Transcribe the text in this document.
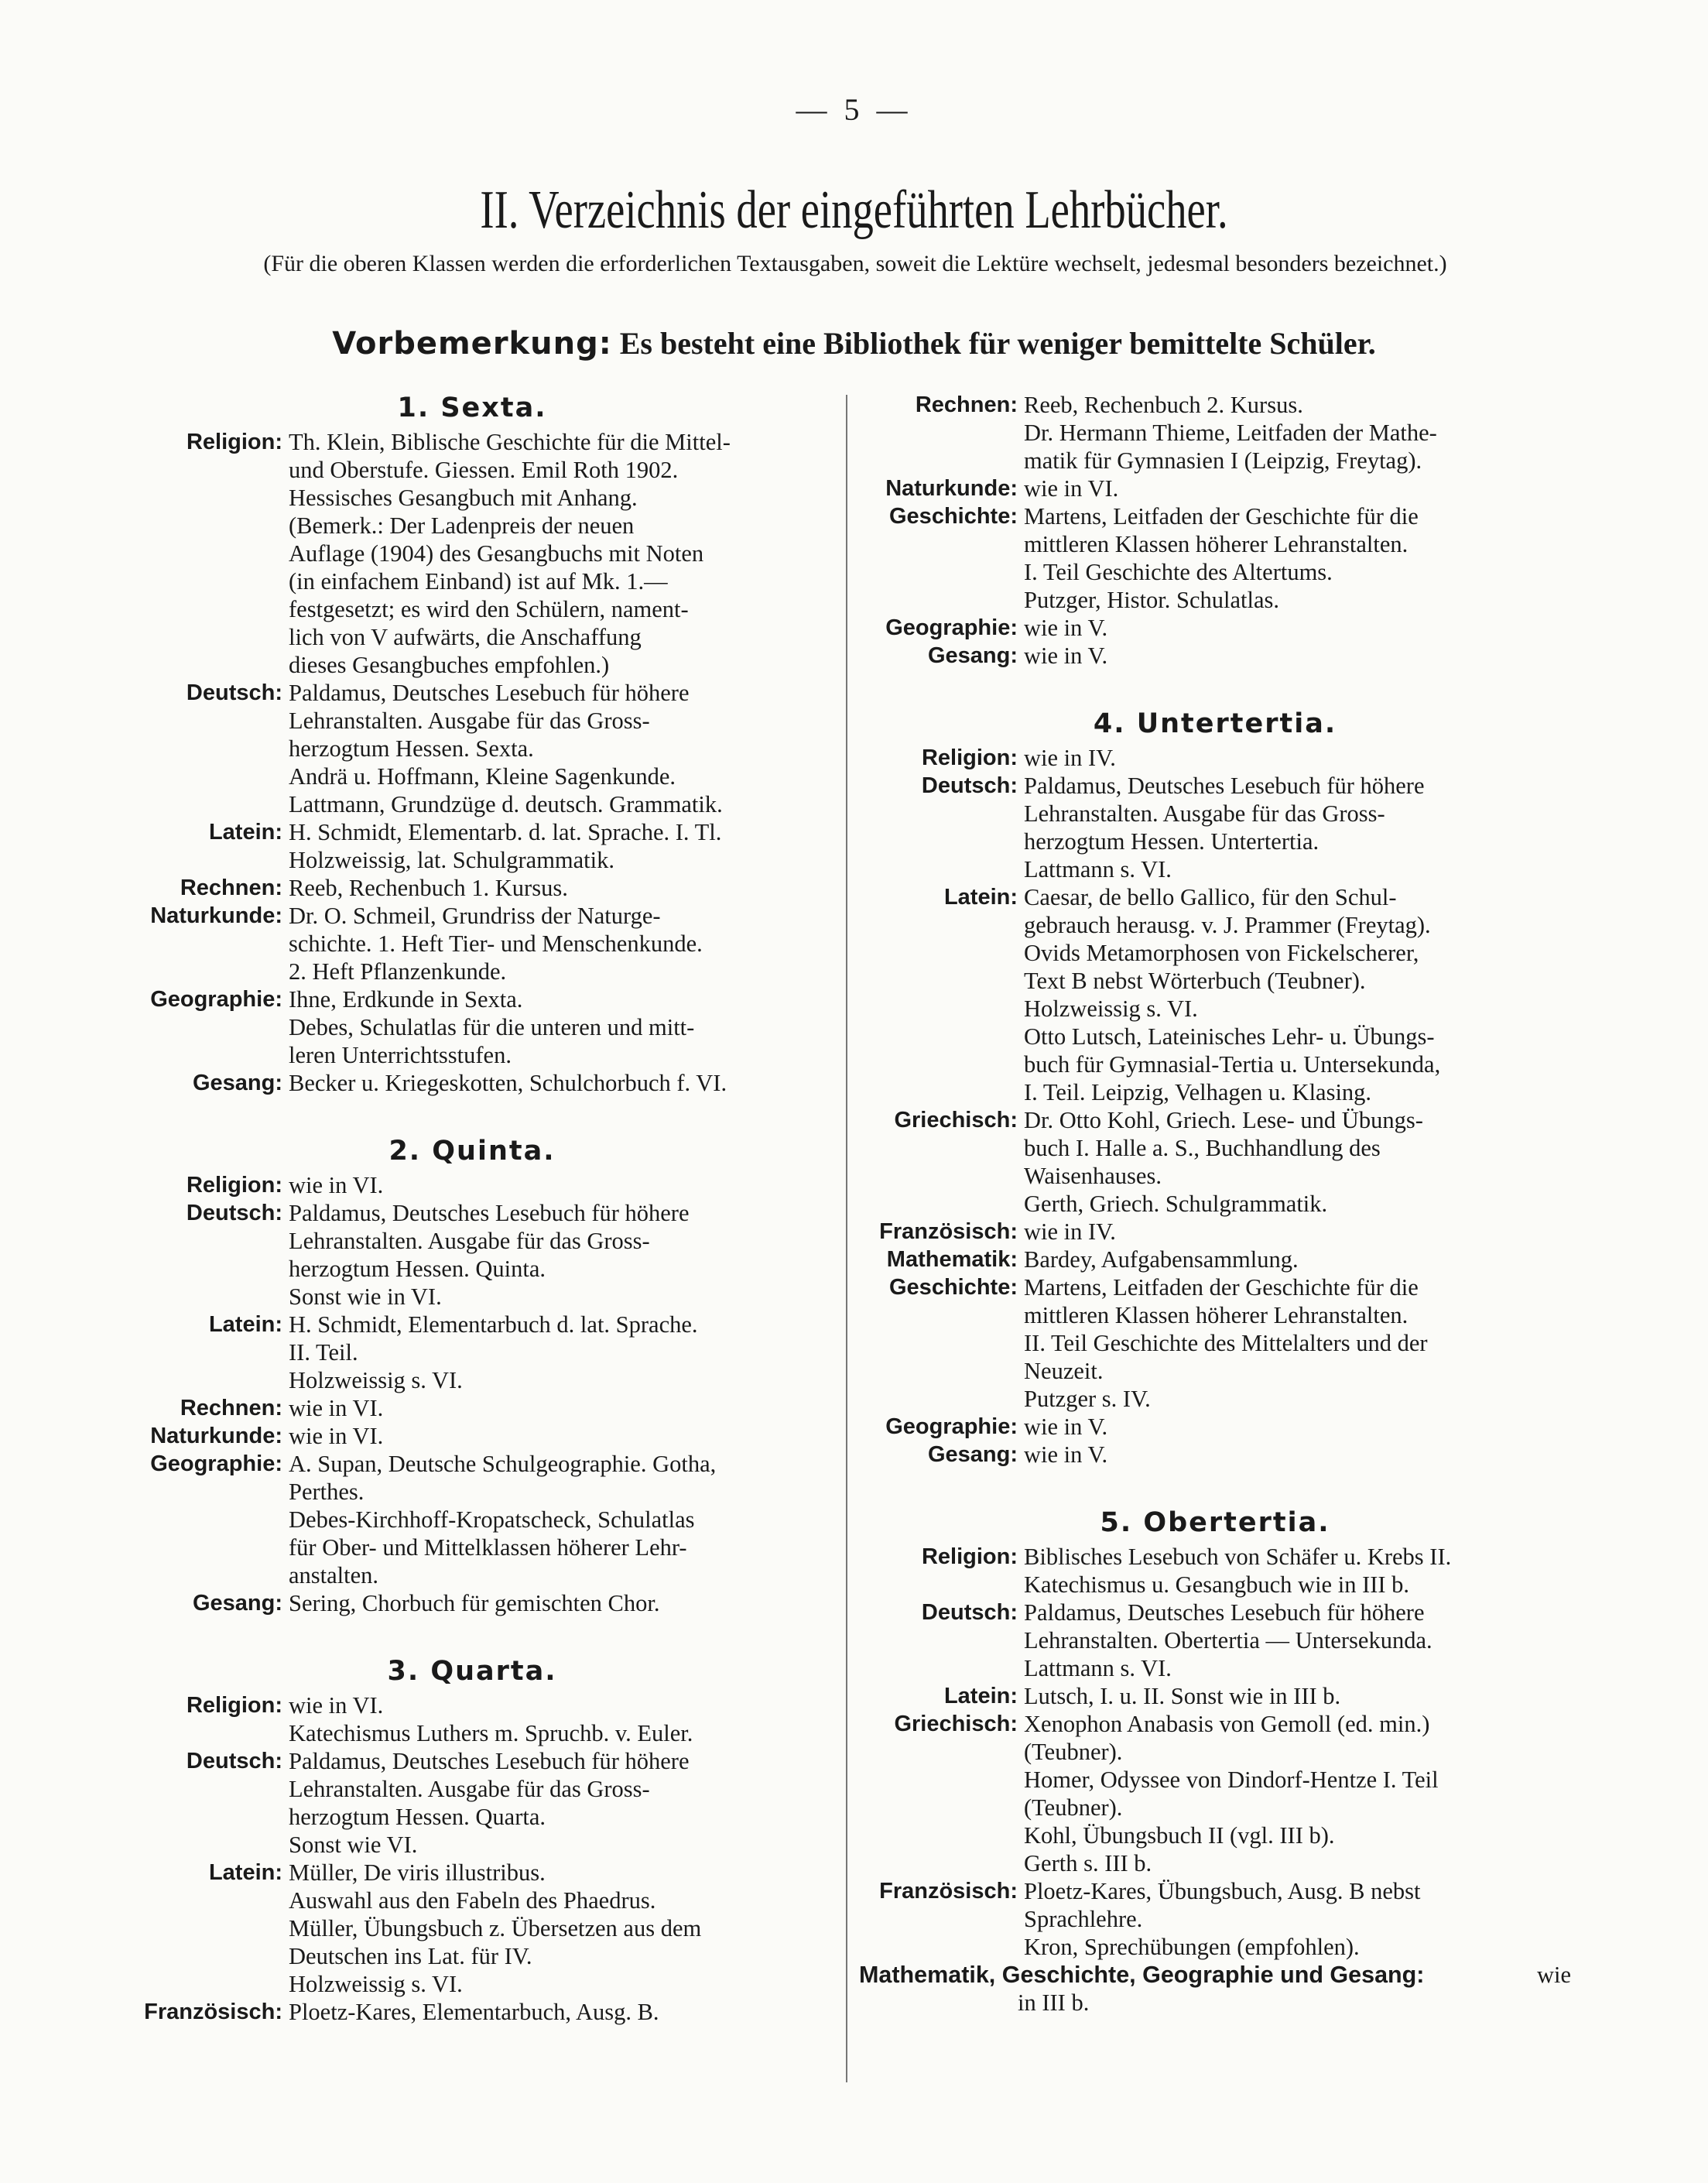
— 5 —
II. Verzeichnis der eingeführten Lehrbücher.
(Für die oberen Klassen werden die erforderlichen Textausgaben, soweit die Lektüre wechselt, jedesmal besonders bezeichnet.)
Vorbemerkung: Es besteht eine Bibliothek für weniger bemittelte Schüler.
1. Sexta.
Religion: Th. Klein, Biblische Geschichte für die Mittel-
und Oberstufe. Giessen. Emil Roth 1902.
Hessisches Gesangbuch mit Anhang.
(Bemerk.: Der Ladenpreis der neuen
Auflage (1904) des Gesangbuchs mit Noten
(in einfachem Einband) ist auf Mk. 1.—
festgesetzt; es wird den Schülern, nament-
lich von V aufwärts, die Anschaffung
dieses Gesangbuches empfohlen.)
Deutsch: Paldamus, Deutsches Lesebuch für höhere
Lehranstalten. Ausgabe für das Gross-
herzogtum Hessen. Sexta.
Andrä u. Hoffmann, Kleine Sagenkunde.
Lattmann, Grundzüge d. deutsch. Grammatik.
Latein: H. Schmidt, Elementarb. d. lat. Sprache. I. Tl.
Holzweissig, lat. Schulgrammatik.
Rechnen: Reeb, Rechenbuch 1. Kursus.
Naturkunde: Dr. O. Schmeil, Grundriss der Naturge-
schichte. 1. Heft Tier- und Menschenkunde.
2. Heft Pflanzenkunde.
Geographie: Ihne, Erdkunde in Sexta.
Debes, Schulatlas für die unteren und mitt-
leren Unterrichtsstufen.
Gesang: Becker u. Kriegeskotten, Schulchorbuch f. VI.
2. Quinta.
Religion: wie in VI.
Deutsch: Paldamus, Deutsches Lesebuch für höhere
Lehranstalten. Ausgabe für das Gross-
herzogtum Hessen. Quinta.
Sonst wie in VI.
Latein: H. Schmidt, Elementarbuch d. lat. Sprache.
II. Teil.
Holzweissig s. VI.
Rechnen: wie in VI.
Naturkunde: wie in VI.
Geographie: A. Supan, Deutsche Schulgeographie. Gotha,
Perthes.
Debes-Kirchhoff-Kropatscheck, Schulatlas
für Ober- und Mittelklassen höherer Lehr-
anstalten.
Gesang: Sering, Chorbuch für gemischten Chor.
3. Quarta.
Religion: wie in VI.
Katechismus Luthers m. Spruchb. v. Euler.
Deutsch: Paldamus, Deutsches Lesebuch für höhere
Lehranstalten. Ausgabe für das Gross-
herzogtum Hessen. Quarta.
Sonst wie VI.
Latein: Müller, De viris illustribus.
Auswahl aus den Fabeln des Phaedrus.
Müller, Übungsbuch z. Übersetzen aus dem
Deutschen ins Lat. für IV.
Holzweissig s. VI.
Französisch: Ploetz-Kares, Elementarbuch, Ausg. B.
Rechnen: Reeb, Rechenbuch 2. Kursus.
Dr. Hermann Thieme, Leitfaden der Mathe-
matik für Gymnasien I (Leipzig, Freytag).
Naturkunde: wie in VI.
Geschichte: Martens, Leitfaden der Geschichte für die
mittleren Klassen höherer Lehranstalten.
I. Teil Geschichte des Altertums.
Putzger, Histor. Schulatlas.
Geographie: wie in V.
Gesang: wie in V.
4. Untertertia.
Religion: wie in IV.
Deutsch: Paldamus, Deutsches Lesebuch für höhere
Lehranstalten. Ausgabe für das Gross-
herzogtum Hessen. Untertertia.
Lattmann s. VI.
Latein: Caesar, de bello Gallico, für den Schul-
gebrauch herausg. v. J. Prammer (Freytag).
Ovids Metamorphosen von Fickelscherer,
Text B nebst Wörterbuch (Teubner).
Holzweissig s. VI.
Otto Lutsch, Lateinisches Lehr- u. Übungs-
buch für Gymnasial-Tertia u. Untersekunda,
I. Teil. Leipzig, Velhagen u. Klasing.
Griechisch: Dr. Otto Kohl, Griech. Lese- und Übungs-
buch I. Halle a. S., Buchhandlung des
Waisenhauses.
Gerth, Griech. Schulgrammatik.
Französisch: wie in IV.
Mathematik: Bardey, Aufgabensammlung.
Geschichte: Martens, Leitfaden der Geschichte für die
mittleren Klassen höherer Lehranstalten.
II. Teil Geschichte des Mittelalters und der
Neuzeit.
Putzger s. IV.
Geographie: wie in V.
Gesang: wie in V.
5. Obertertia.
Religion: Biblisches Lesebuch von Schäfer u. Krebs II.
Katechismus u. Gesangbuch wie in III b.
Deutsch: Paldamus, Deutsches Lesebuch für höhere
Lehranstalten. Obertertia — Untersekunda.
Lattmann s. VI.
Latein: Lutsch, I. u. II. Sonst wie in III b.
Griechisch: Xenophon Anabasis von Gemoll (ed. min.)
(Teubner).
Homer, Odyssee von Dindorf-Hentze I. Teil
(Teubner).
Kohl, Übungsbuch II (vgl. III b).
Gerth s. III b.
Französisch: Ploetz-Kares, Übungsbuch, Ausg. B nebst
Sprachlehre.
Kron, Sprechübungen (empfohlen).
Mathematik, Geschichte, Geographie und Gesang:	wie
in III b.
